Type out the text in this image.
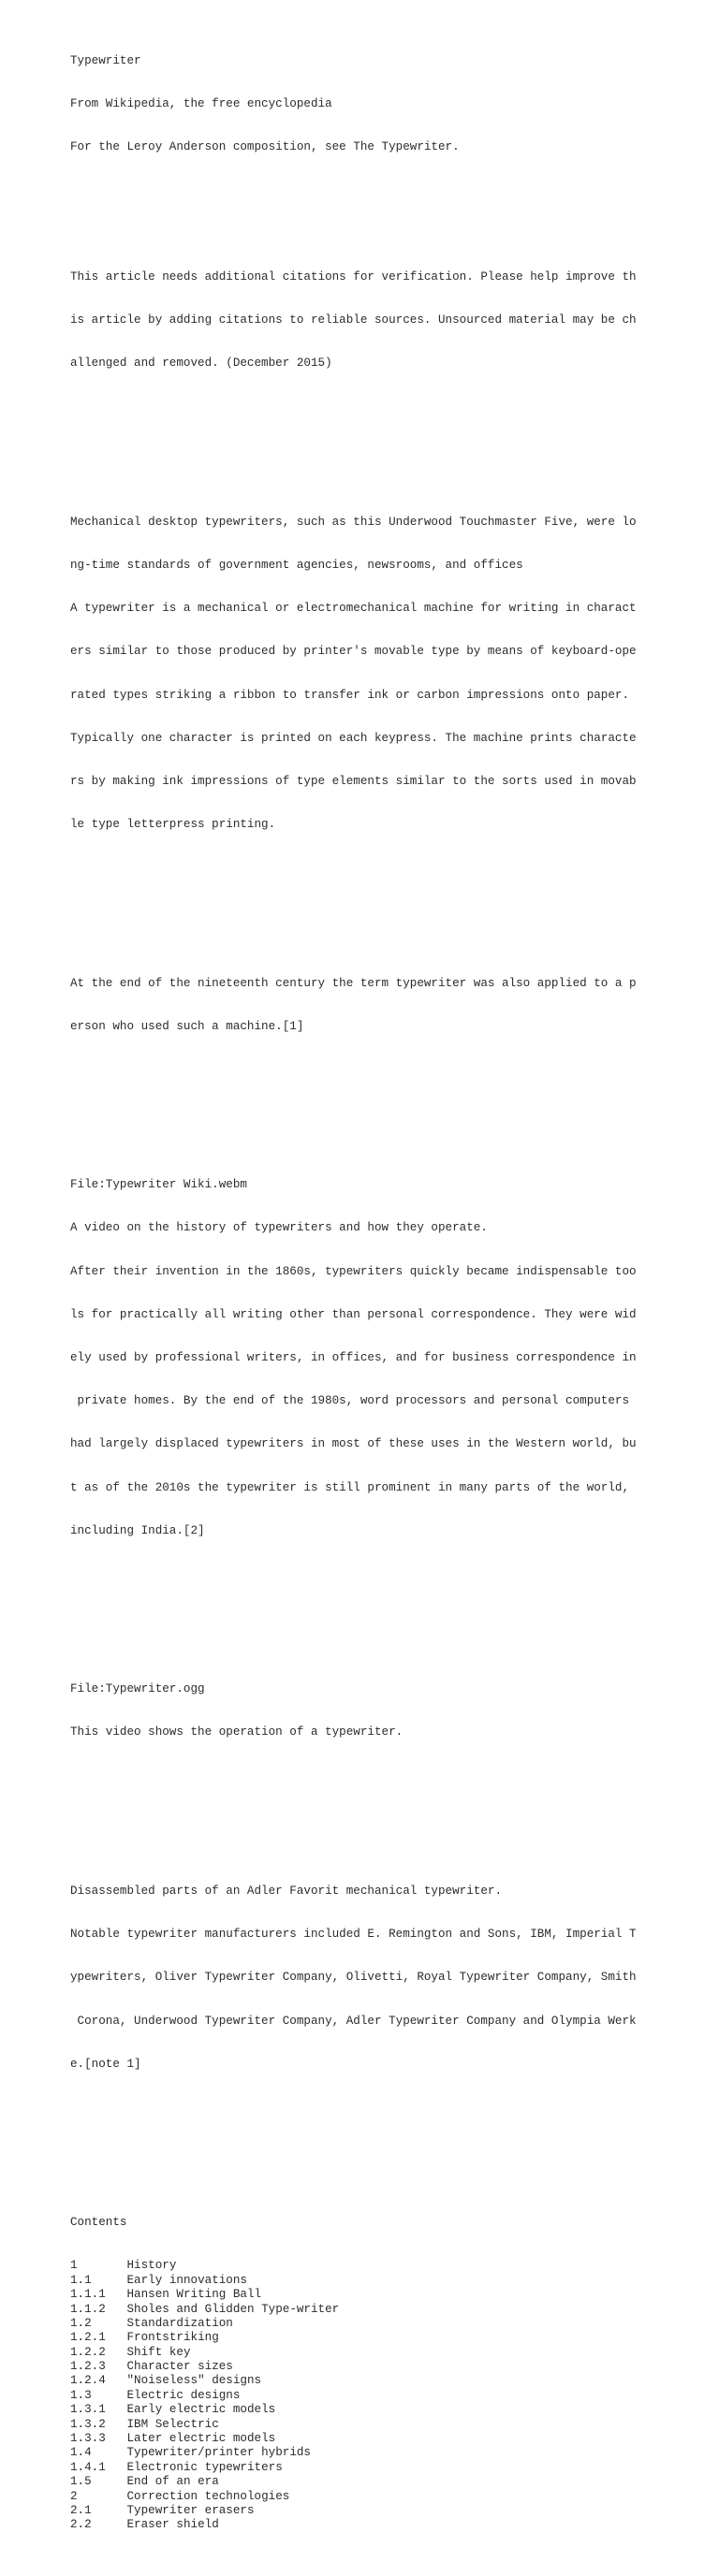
Typewriter

From Wikipedia, the free encyclopedia

For the Leroy Anderson composition, see The Typewriter.

This article needs additional citations for verification. Please help improve th

is article by adding citations to reliable sources. Unsourced material may be ch

allenged and removed. (December 2015)

Mechanical desktop typewriters, such as this Underwood Touchmaster Five, were lo

ng-time standards of government agencies, newsrooms, and offices

A typewriter is a mechanical or electromechanical machine for writing in charact

ers similar to those produced by printer's movable type by means of keyboard-ope

rated types striking a ribbon to transfer ink or carbon impressions onto paper.

Typically one character is printed on each keypress. The machine prints characte

rs by making ink impressions of type elements similar to the sorts used in movab

le type letterpress printing.

At the end of the nineteenth century the term typewriter was also applied to a p

erson who used such a machine.[1]

File:Typewriter Wiki.webm

A video on the history of typewriters and how they operate.

After their invention in the 1860s, typewriters quickly became indispensable too

ls for practically all writing other than personal correspondence. They were wid

ely used by professional writers, in offices, and for business correspondence in

private homes. By the end of the 1980s, word processors and personal computers

had largely displaced typewriters in most of these uses in the Western world, bu

t as of the 2010s the typewriter is still prominent in many parts of the world,

including India.[2]

File:Typewriter.ogg

This video shows the operation of a typewriter.

Disassembled parts of an Adler Favorit mechanical typewriter.

Notable typewriter manufacturers included E. Remington and Sons, IBM, Imperial T

ypewriters, Oliver Typewriter Company, Olivetti, Royal Typewriter Company, Smith

Corona, Underwood Typewriter Company, Adler Typewriter Company and Olympia Werk

e.[note 1]

Contents

1	History
1.1	Early innovations
1.1.1 Hansen Writing Ball
1.1.2 Sholes and Glidden Type-writer
1.2	Standardization
1.2.1 Frontstriking
1.2.2 Shift key
1.2.3 Character sizes
1.2.4 "Noiseless" designs
1.3	Electric designs
1.3.1 Early electric models
1.3.2 IBM Selectric
1.3.3 Later electric models
1.4	Typewriter/printer hybrids
1.4.1 Electronic typewriters
1.5	End of an era
2	Correction technologies
2.1	Typewriter erasers
2.2	Eraser shield
